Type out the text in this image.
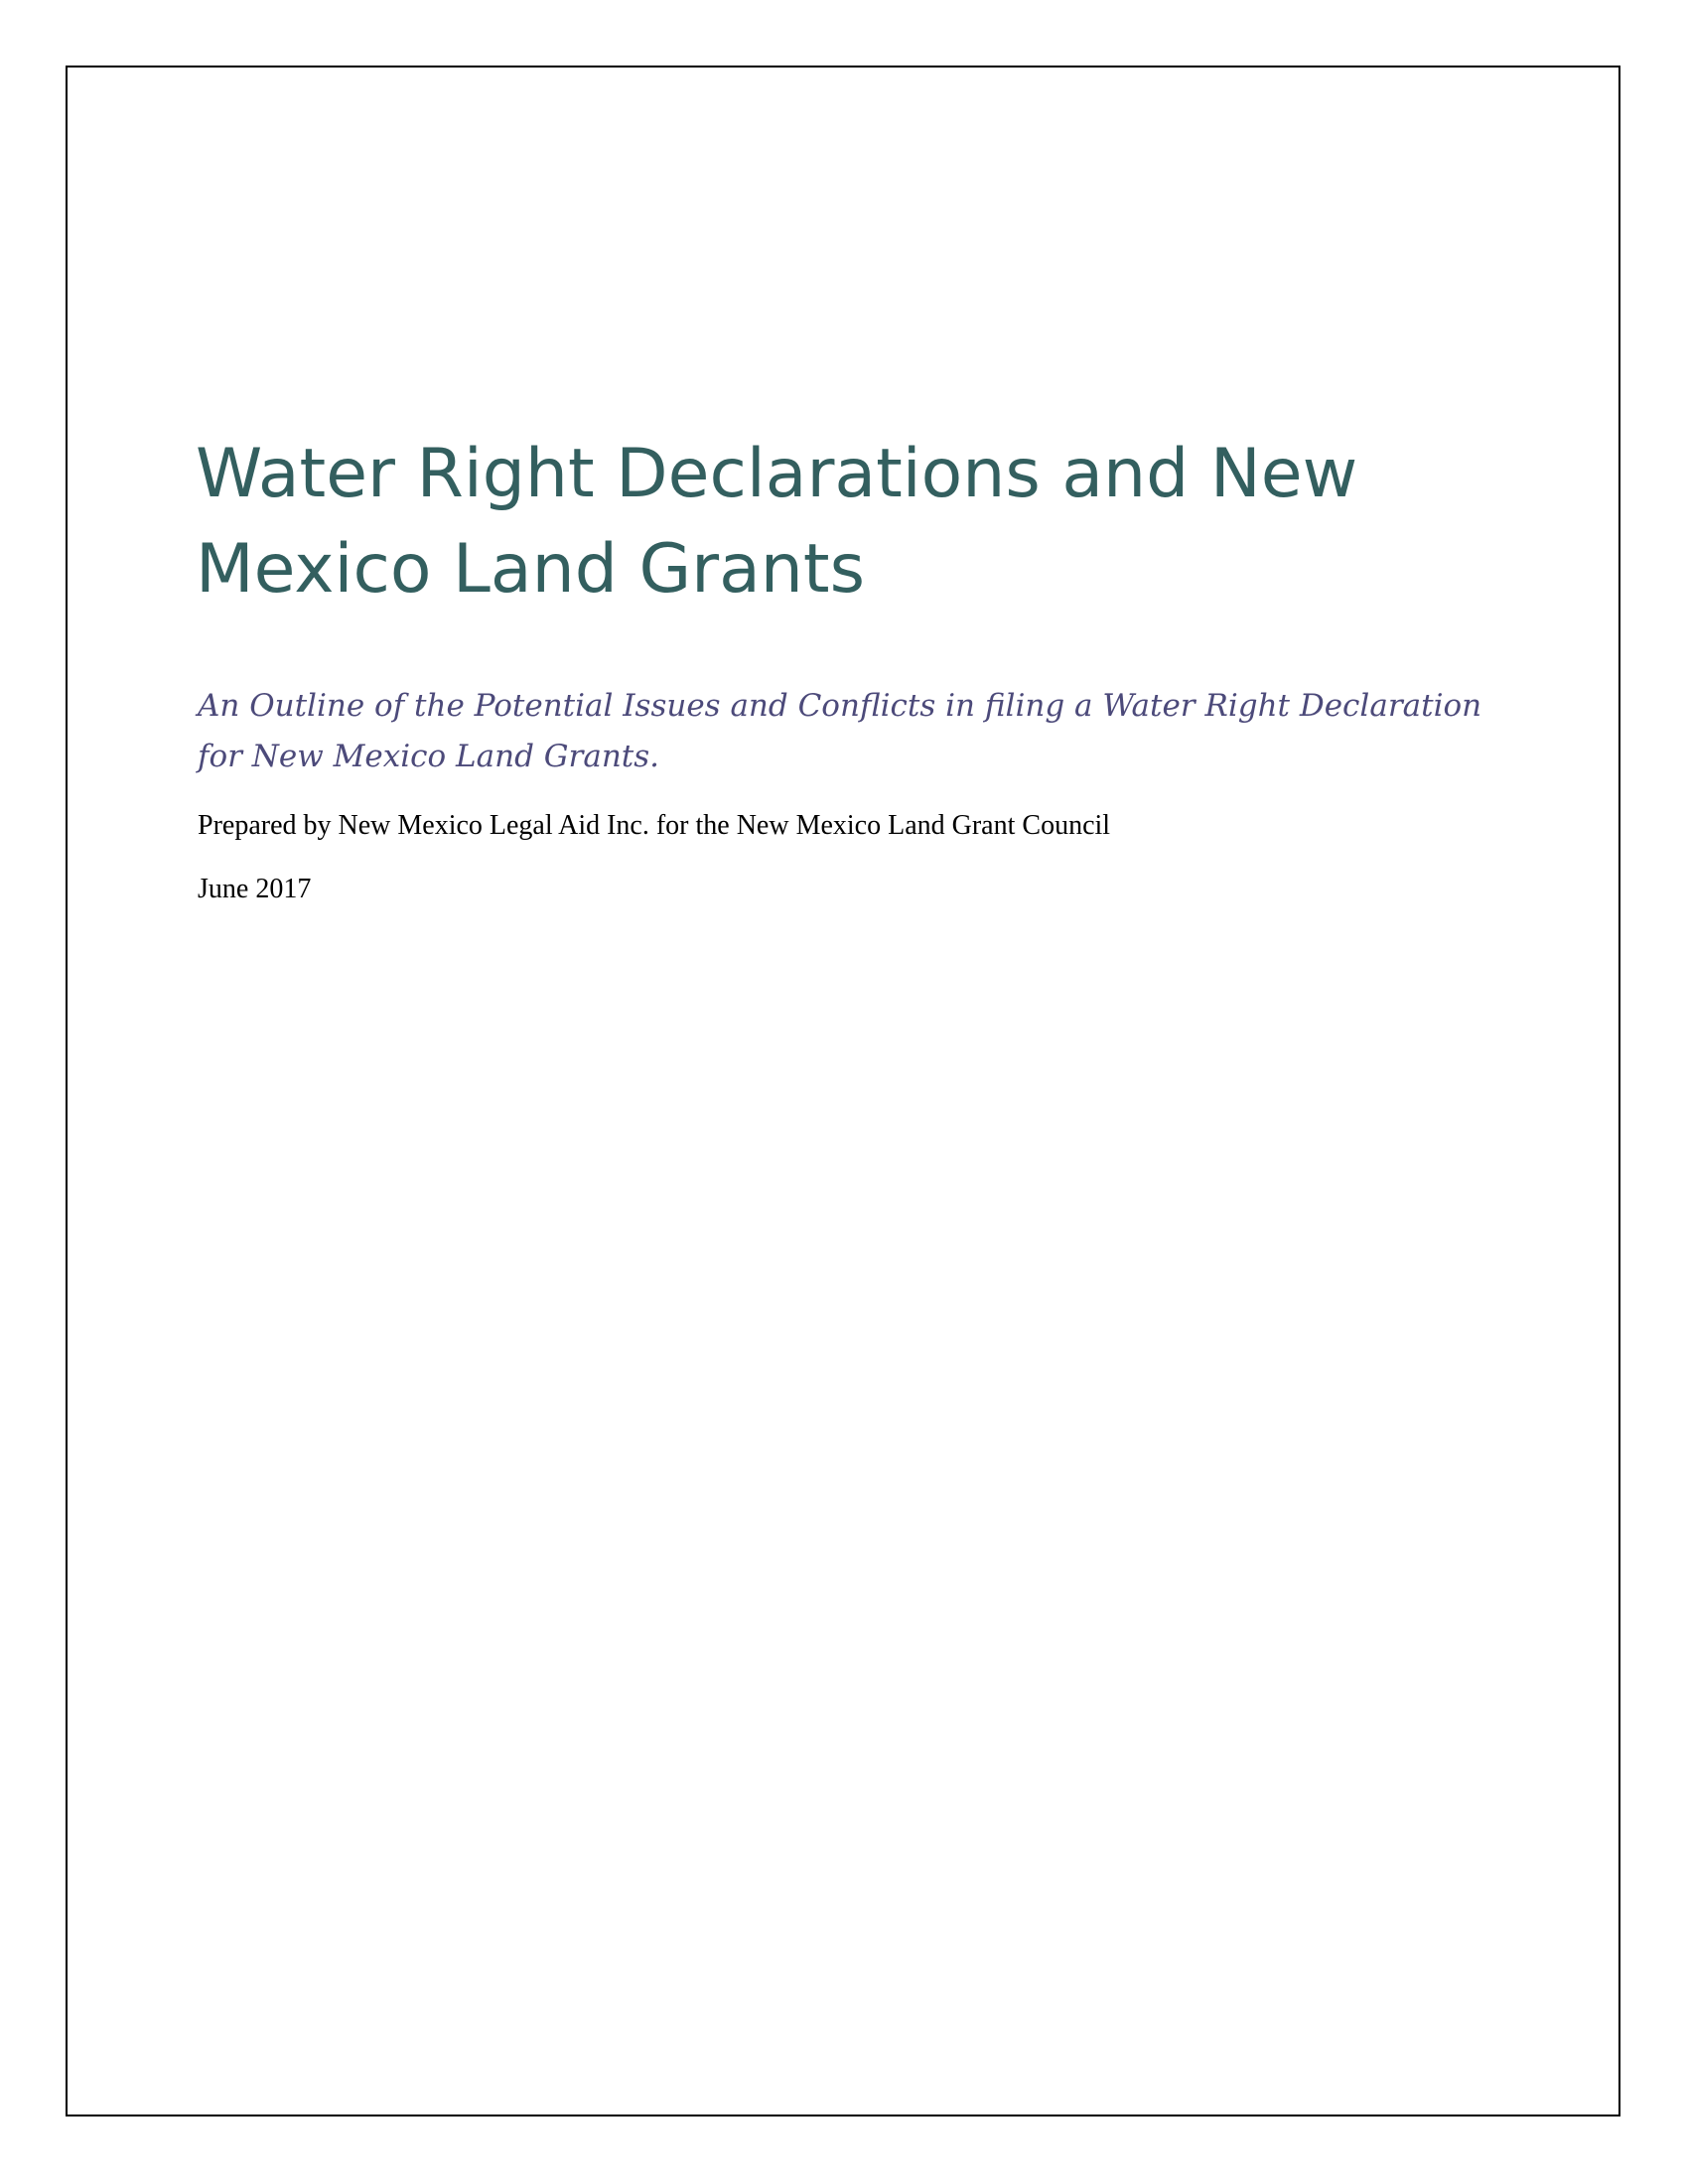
Water Right Declarations and New
Mexico Land Grants

An Outline of the Potential Issues and Conflicts in filing a Water Right Declaration
for New Mexico Land Grants.

Prepared by New Mexico Legal Aid Inc. for the New Mexico Land Grant Council

June 2017
